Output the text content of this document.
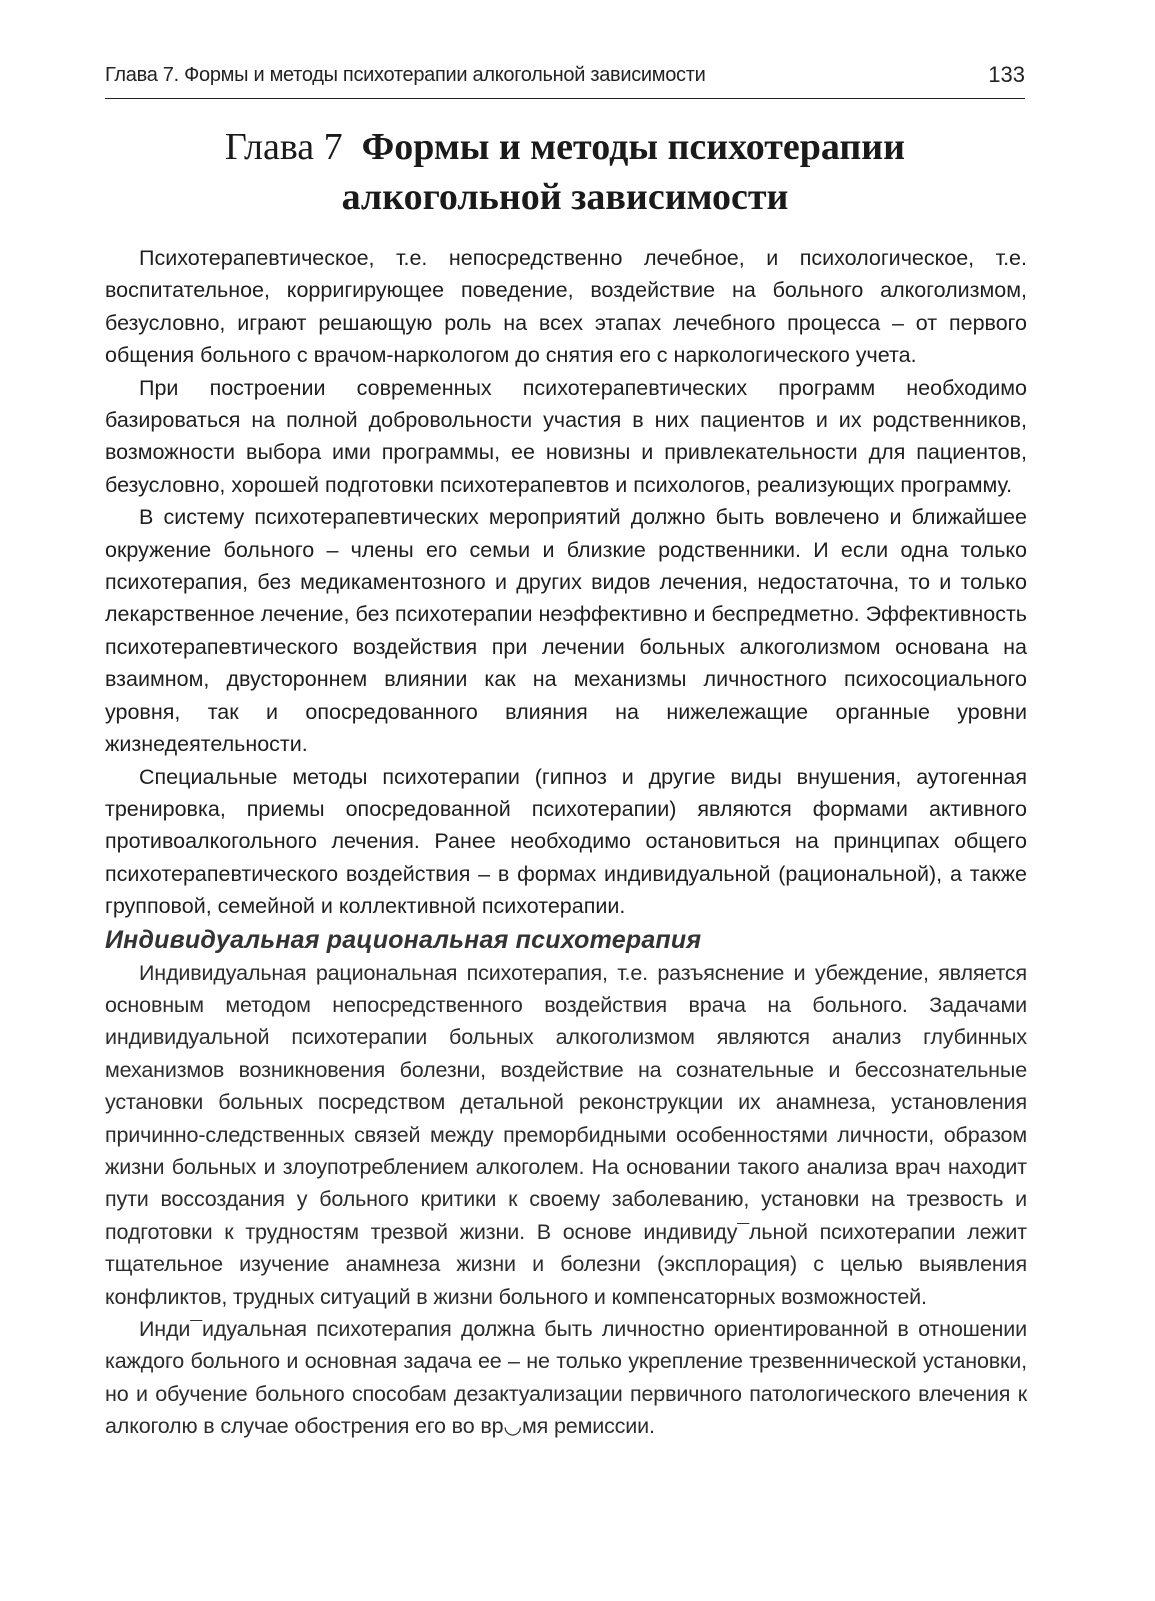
Глава 7. Формы и методы психотерапии алкогольной зависимости	133
Глава 7 Формы и методы психотерапии
алкогольной зависимости

Психотерапевтическое, т.е. непосредственно лечебное, и психологическое, т.е. воспитательное, корригирующее поведение, воздействие на больного алкоголизмом, безусловно, играют решающую роль на всех этапах лечебного процесса – от первого общения больного с врачом-наркологом до снятия его с наркологического учета.

При построении современных психотерапевтических программ необходимо базироваться на полной добровольности участия в них пациентов и их родственников, возможности выбора ими программы, ее новизны и привлекательности для пациентов, безусловно, хорошей подготовки психотерапевтов и психологов, реализующих программу.

В систему психотерапевтических мероприятий должно быть вовлечено и ближайшее окружение больного – члены его семьи и близкие родственники. И если одна только психотерапия, без медикаментозного и других видов лечения, недостаточна, то и только лекарственное лечение, без психотерапии неэффективно и беспредметно. Эффективность психотерапевтического воздействия при лечении больных алкоголизмом основана на взаимном, двустороннем влиянии как на механизмы личностного психосоциального уровня, так и опосредованного влияния на нижележащие органные уровни жизнедеятельности.

Специальные методы психотерапии (гипноз и другие виды внушения, аутогенная тренировка, приемы опосредованной психотерапии) являются формами активного противоалкогольного лечения. Ранее необходимо остановиться на принципах общего психотерапевтического воздействия – в формах индивидуальной (рациональной), а также групповой, семейной и коллективной психотерапии.

Индивидуальная рациональная психотерапия

Индивидуальная рациональная психотерапия, т.е. разъяснение и убеждение, является основным методом непосредственного воздействия врача на больного. Задачами индивидуальной психотерапии больных алкоголизмом являются анализ глубинных механизмов возникновения болезни, воздействие на сознательные и бессознательные установки больных посредством детальной реконструкции их анамнеза, установления причинно-следственных связей между преморбидными особенностями личности, образом жизни больных и злоупотреблением алкоголем. На основании такого анализа врач находит пути воссоздания у больного критики к своему заболеванию, установки на трезвость и подготовки к трудностям трезвой жизни. В основе индивиду¯льной психотерапии лежит тщательное изучение анамнеза жизни и болезни (эксплорация) с целью выявления конфликтов, трудных ситуаций в жизни больного и компенсаторных возможностей.

Инди¯идуальная психотерапия должна быть личностно ориентированной в отношении каждого больного и основная задача ее – не только укрепление трезвеннической установки, но и обучение больного способам дезактуализации первичного патологического влечения к алкоголю в случае обострения его во вр◡мя ремиссии.
